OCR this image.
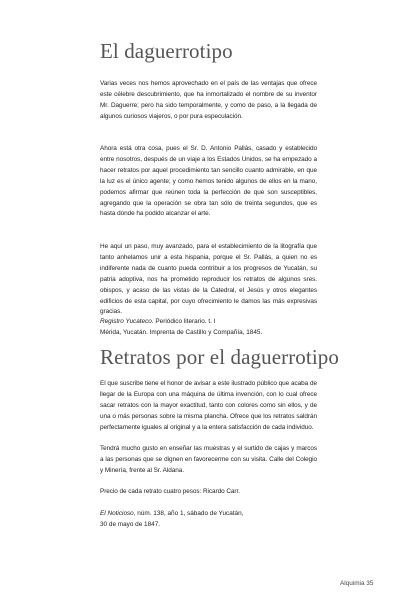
El daguerrotipo

Varias veces nos hemos aprovechado en el país de las ventajas que ofrece este célebre descubrimiento, que ha inmortalizado el nombre de su inventor Mr. Daguerre; pero ha sido temporalmente, y como de paso, a la llegada de algunos curiosos viajeros, o por pura especulación.

Ahora está otra cosa, pues el Sr. D. Antonio Pallás, casado y establecido entre nosotros, después de un viaje a los Estados Unidos, se ha empezado a hacer retratos por aquel procedimiento tan sencillo cuanto admirable, en que la luz es el único agente; y como hemos tenido algunos de ellos en la mano, podemos afirmar que reúnen toda la perfección de que son susceptibles, agregando que la operación se obra tan sólo de treinta segundos, que es hasta donde ha podido alcanzar el arte.

He aquí un paso, muy avanzado, para el establecimiento de la litografía que tanto anhelamos unir a esta hispania, porque el Sr. Pallás, a quien no es indiferente nada de cuanto pueda contribuir a los progresos de Yucatán, su patria adoptiva, nos ha prometido reproducir los retratos de algunos sres. obispos, y acaso de las vistas de la Catedral, el Jesús y otros elegantes edificios de esta capital, por cuyo ofrecimiento le damos las más expresivas gracias.

Registro Yucateco. Periódico literario. t. I
Mérida, Yucatán. Imprenta de Castillo y Compañía, 1845.
Retratos por el daguerrotipo

El que suscribe tiene el honor de avisar a este ilustrado público que acaba de llegar de la Europa con una máquina de última invención, con lo cual ofrece sacar retratos con la mayor exactitud, tanto con colores como sin ellos, y de una o más personas sobre la misma plancha. Ofrece que los retratos saldrán perfectamente iguales al original y a la entera satisfacción de cada individuo.

Tendrá mucho gusto en enseñar las muestras y el surtido de cajas y marcos a las personas que se dignen en favorecerme con su visita. Calle del Colegio y Minería, frente al Sr. Aldana.

Precio de cada retrato cuatro pesos: Ricardo Carr.

El Noticioso, núm. 138, año 1, sábado de Yucatán,
30 de mayo de 1847.
Alquimia 35
